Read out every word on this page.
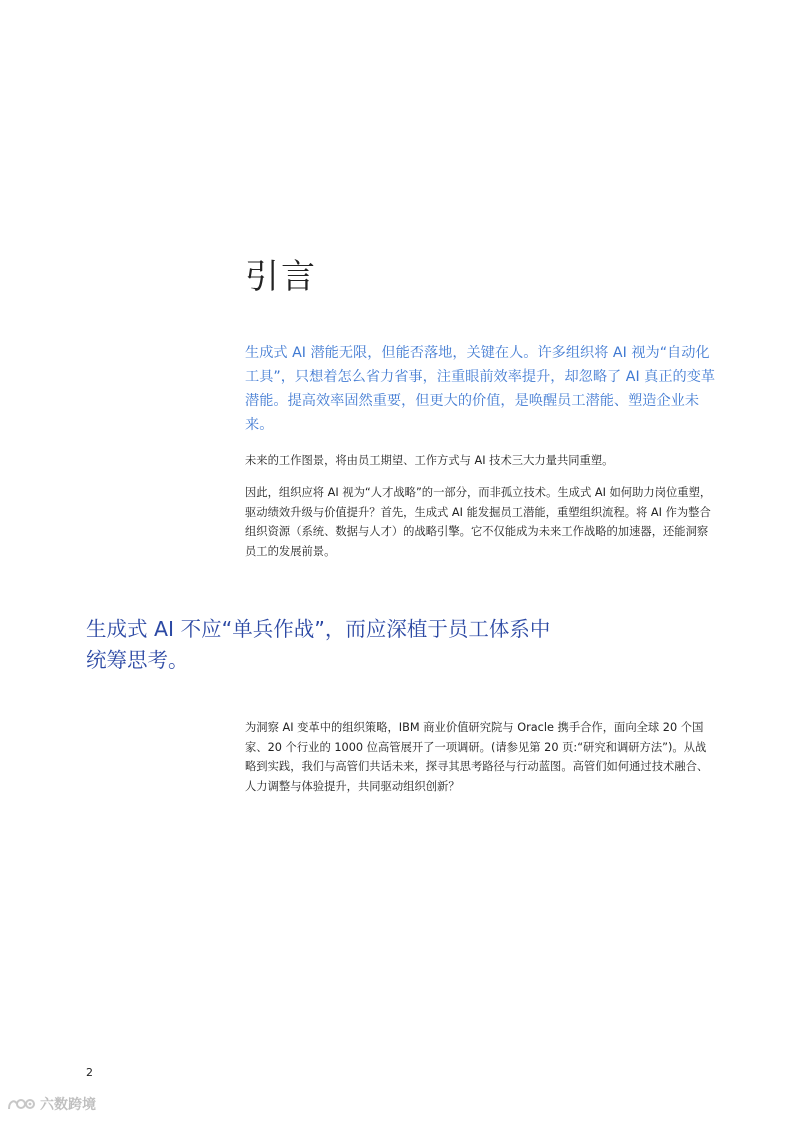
引言

生成式 AI 潜能无限，但能否落地，关键在人。许多组织将 AI 视为“自动化工具”，只想着怎么省力省事，注重眼前效率提升，却忽略了 AI 真正的变革潜能。提高效率固然重要，但更大的价值，是唤醒员工潜能、塑造企业未来。

未来的工作图景，将由员工期望、工作方式与 AI 技术三大力量共同重塑。

因此，组织应将 AI 视为“人才战略”的一部分，而非孤立技术。生成式 AI 如何助力岗位重塑，驱动绩效升级与价值提升？首先，生成式 AI 能发掘员工潜能，重塑组织流程。将 AI 作为整合组织资源（系统、数据与人才）的战略引擎。它不仅能成为未来工作战略的加速器，还能洞察员工的发展前景。

生成式 AI 不应“单兵作战”，而应深植于员工体系中统筹思考。

为洞察 AI 变革中的组织策略，IBM 商业价值研究院与 Oracle 携手合作，面向全球 20 个国家、20 个行业的 1000 位高管展开了一项调研。(请参见第 20 页:“研究和调研方法”)。从战略到实践，我们与高管们共话未来，探寻其思考路径与行动蓝图。高管们如何通过技术融合、人力调整与体验提升，共同驱动组织创新？

2
六数跨境
